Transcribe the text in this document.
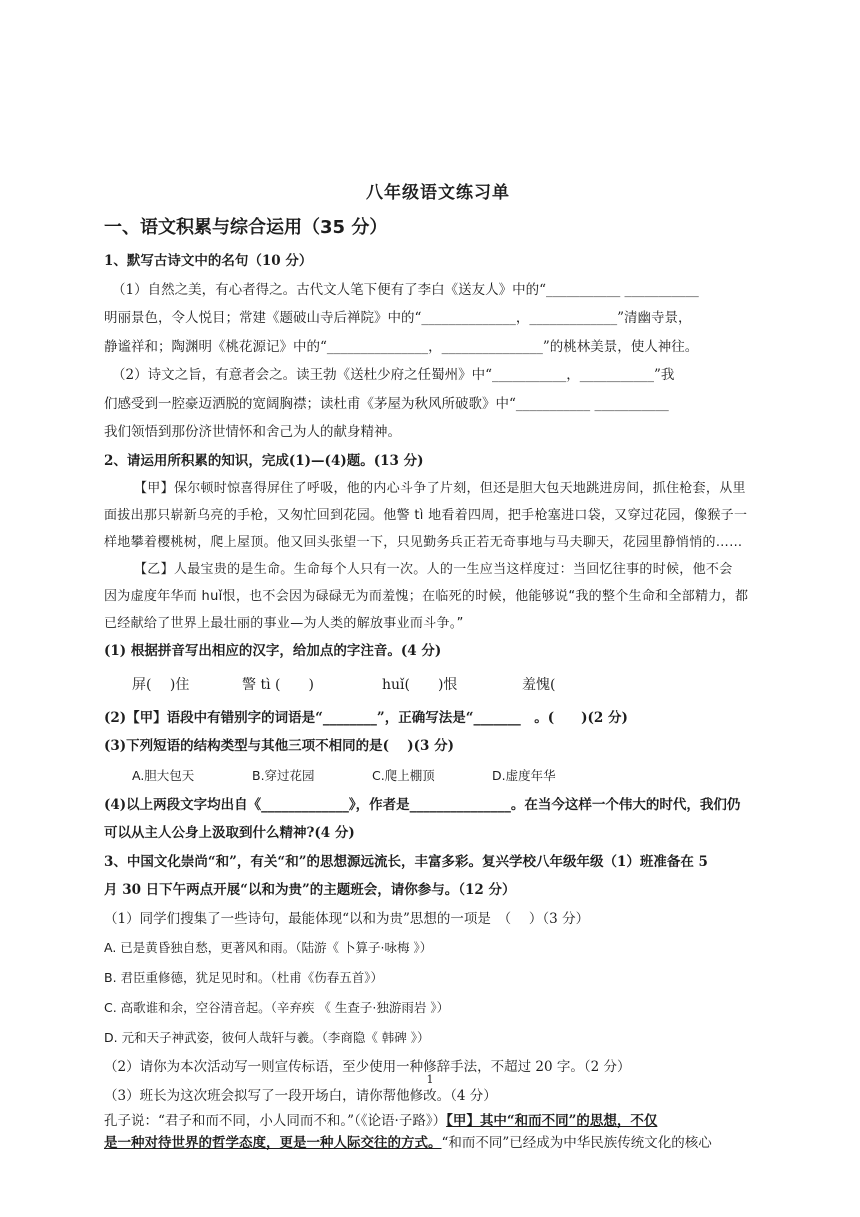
八年级语文练习单
一、语文积累与综合运用（35 分）

1、默写古诗文中的名句（10 分）

（1）自然之美，有心者得之。古代文人笔下便有了李白《送友人》中的“___________ ___________

明丽景色，令人悦目；常建《题破山寺后禅院》中的“______________，_____________”清幽寺景，

静谧祥和；陶渊明《桃花源记》中的“_______________，_______________”的桃林美景，使人神往。

（2）诗文之旨，有意者会之。读王勃《送杜少府之任蜀州》中“___________，___________”我

们感受到一腔豪迈洒脱的宽阔胸襟；读杜甫《茅屋为秋风所破歌》中“___________ ___________

我们领悟到那份济世情怀和舍己为人的献身精神。

2、请运用所积累的知识，完成(1)—(4)题。(13 分)

【甲】保尔顿时惊喜得屏住了呼吸，他的内心斗争了片刻，但还是胆大包天地跳进房间，抓住枪套，从里

面拔出那只崭新乌亮的手枪，又匆忙回到花园。他警 tì 地看着四周，把手枪塞进口袋，又穿过花园，像猴子一

样地攀着樱桃树，爬上屋顶。他又回头张望一下，只见勤务兵正若无奇事地与马夫聊天，花园里静悄悄的……

【乙】人最宝贵的是生命。生命每个人只有一次。人的一生应当这样度过：当回忆往事的时候，他不会

因为虚度年华而 huǐ恨，也不会因为碌碌无为而羞愧；在临死的时候，他能够说“我的整个生命和全部精力，都

已经献给了世界上最壮丽的事业—为人类的解放事业而斗争。”

(1) 根据拼音写出相应的汉字，给加点的字注音。(4 分)

屏(　 )住	警 tì (　　)	huǐ(　　)恨	羞愧(　　

(2)【甲】语段中有错别字的词语是“________”，正确写法是“_______　。(　　)(2 分)

(3)下列短语的结构类型与其他三项不相同的是(　 )(3 分)

A.胆大包天	B.穿过花园	C.爬上棚顶	D.虚度年华

(4)以上两段文字均出自《_____________》，作者是_______________。在当今这样一个伟大的时代，我们仍

可以从主人公身上汲取到什么精神?(4 分)

3、中国文化崇尚“和”，有关“和”的思想源远流长，丰富多彩。复兴学校八年级年级（1）班准备在 5

月 30 日下午两点开展“以和为贵”的主题班会，请你参与。（12 分）

（1）同学们搜集了一些诗句，最能体现“以和为贵”思想的一项是　（　 ）（3 分）

A. 已是黄昏独自愁，更著风和雨。（陆游《 卜算子·咏梅 》）

B. 君臣重修德，犹足见时和。（杜甫《伤春五首》）

C. 高歌谁和余，空谷清音起。（辛弃疾 《 生查子·独游雨岩 》）

D. 元和天子神武姿，彼何人哉轩与羲。（李商隐《 韩碑 》）

（2）请你为本次活动写一则宣传标语，至少使用一种修辞手法，不超过 20 字。（2 分）

（3）班长为这次班会拟写了一段开场白，请你帮他修改。（4 分）

孔子说：“君子和而不同，小人同而不和。”（《论语·子路》）【甲】其中“和而不同”的思想，不仅

是一种对待世界的哲学态度，更是一种人际交往的方式。“和而不同”已经成为中华民族传统文化的核心

1
